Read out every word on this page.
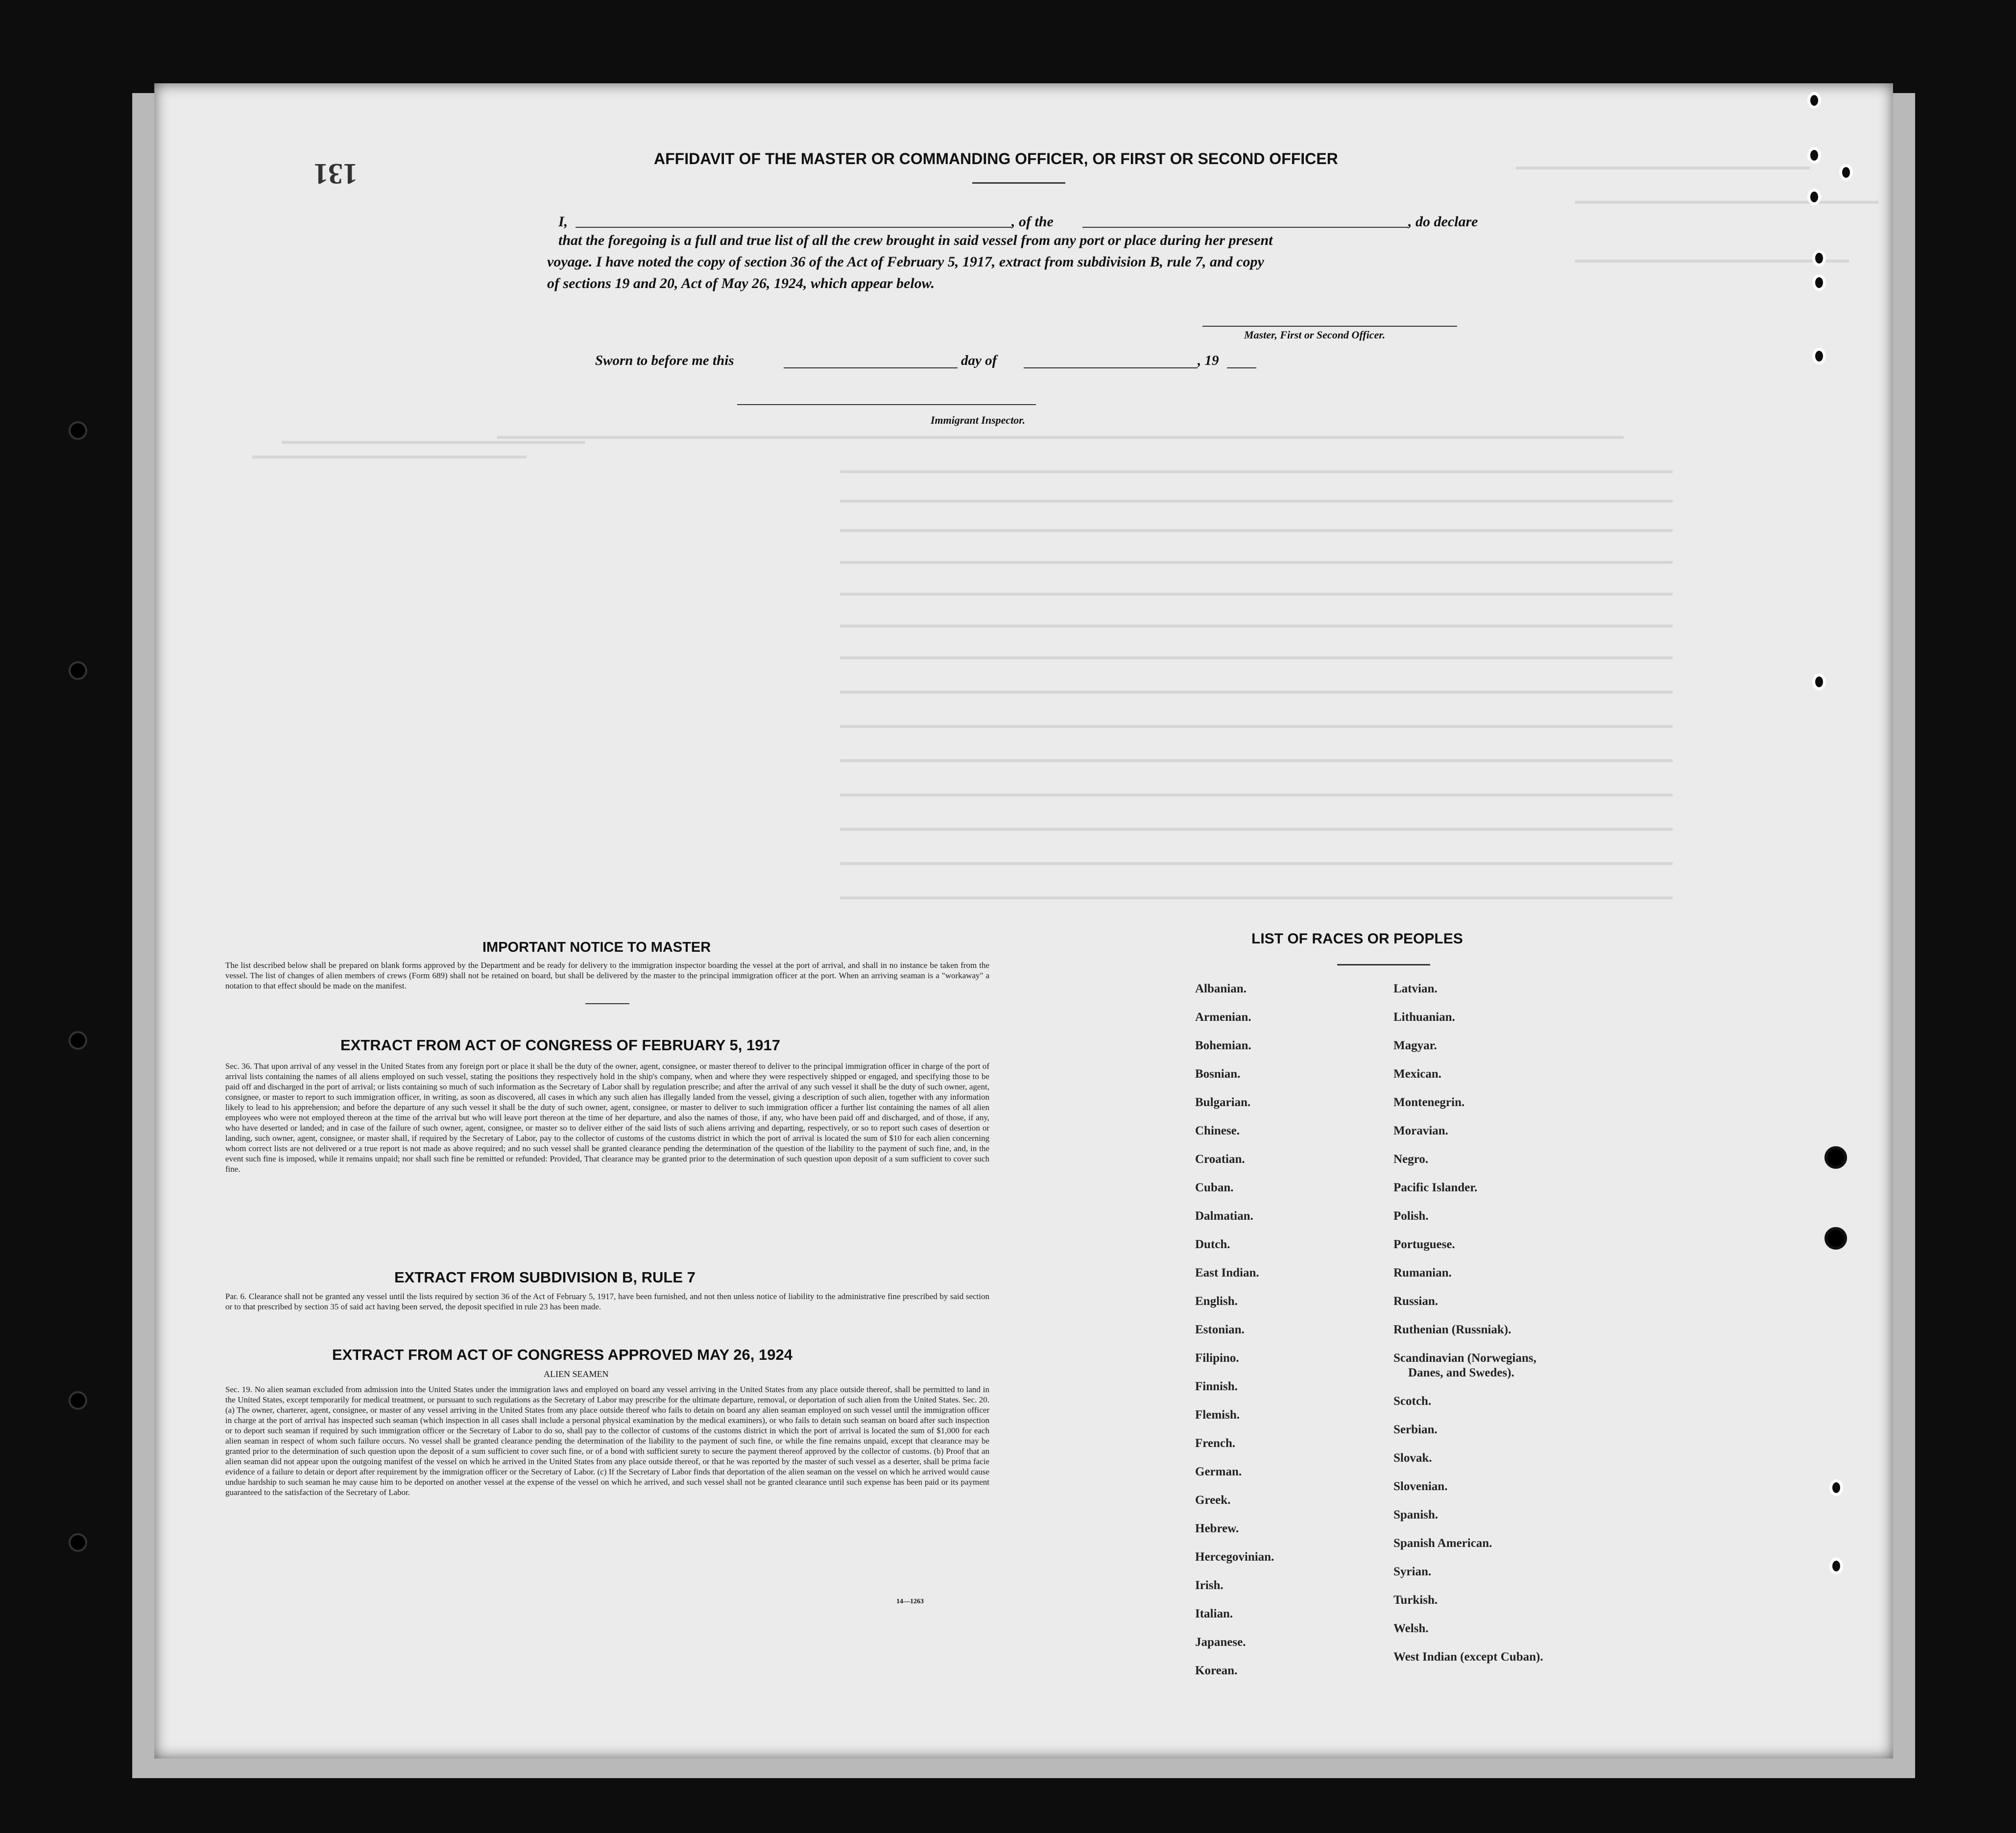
131	AFFIDAVIT OF THE MASTER OR COMMANDING OFFICER, OR FIRST OR SECOND OFFICER
I,	, of the	, do declare
that the foregoing is a full and true list of all the crew brought in said vessel from any port or place during her present
voyage. I have noted the copy of section 36 of the Act of February 5, 1917, extract from subdivision B, rule 7, and copy
of sections 19 and 20, Act of May 26, 1924, which appear below.
Master, First or Second Officer.
Sworn to before me this	day of	, 19
Immigrant Inspector.
IMPORTANT NOTICE TO MASTER
The list described below shall be prepared on blank forms approved by the Department and be ready for delivery to the immigration inspector boarding the vessel at the port of arrival, and shall in no instance be taken from the vessel. The list of changes of alien members of crews (Form 689) shall not be retained on board, but shall be delivered by the master to the principal immigration officer at the port. When an arriving seaman is a "workaway" a notation to that effect should be made on the manifest.
EXTRACT FROM ACT OF CONGRESS OF FEBRUARY 5, 1917
Sec. 36. That upon arrival of any vessel in the United States from any foreign port or place it shall be the duty of the owner, agent, consignee, or master thereof to deliver to the principal immigration officer in charge of the port of arrival lists containing the names of all aliens employed on such vessel, stating the positions they respectively hold in the ship's company, when and where they were respectively shipped or engaged, and specifying those to be paid off and discharged in the port of arrival; or lists containing so much of such information as the Secretary of Labor shall by regulation prescribe; and after the arrival of any such vessel it shall be the duty of such owner, agent, consignee, or master to report to such immigration officer, in writing, as soon as discovered, all cases in which any such alien has illegally landed from the vessel, giving a description of such alien, together with any information likely to lead to his apprehension; and before the departure of any such vessel it shall be the duty of such owner, agent, consignee, or master to deliver to such immigration officer a further list containing the names of all alien employees who were not employed thereon at the time of the arrival but who will leave port thereon at the time of her departure, and also the names of those, if any, who have been paid off and discharged, and of those, if any, who have deserted or landed; and in case of the failure of such owner, agent, consignee, or master so to deliver either of the said lists of such aliens arriving and departing, respectively, or so to report such cases of desertion or landing, such owner, agent, consignee, or master shall, if required by the Secretary of Labor, pay to the collector of customs of the customs district in which the port of arrival is located the sum of $10 for each alien concerning whom correct lists are not delivered or a true report is not made as above required; and no such vessel shall be granted clearance pending the determination of the question of the liability to the payment of such fine, and, in the event such fine is imposed, while it remains unpaid; nor shall such fine be remitted or refunded: Provided, That clearance may be granted prior to the determination of such question upon deposit of a sum sufficient to cover such fine.
EXTRACT FROM SUBDIVISION B, RULE 7
Par. 6. Clearance shall not be granted any vessel until the lists required by section 36 of the Act of February 5, 1917, have been furnished, and not then unless notice of liability to the administrative fine prescribed by said section or to that prescribed by section 35 of said act having been served, the deposit specified in rule 23 has been made.
EXTRACT FROM ACT OF CONGRESS APPROVED MAY 26, 1924
ALIEN SEAMEN
Sec. 19. No alien seaman excluded from admission into the United States under the immigration laws and employed on board any vessel arriving in the United States from any place outside thereof, shall be permitted to land in the United States, except temporarily for medical treatment, or pursuant to such regulations as the Secretary of Labor may prescribe for the ultimate departure, removal, or deportation of such alien from the United States. Sec. 20. (a) The owner, charterer, agent, consignee, or master of any vessel arriving in the United States from any place outside thereof who fails to detain on board any alien seaman employed on such vessel until the immigration officer in charge at the port of arrival has inspected such seaman (which inspection in all cases shall include a personal physical examination by the medical examiners), or who fails to detain such seaman on board after such inspection or to deport such seaman if required by such immigration officer or the Secretary of Labor to do so, shall pay to the collector of customs of the customs district in which the port of arrival is located the sum of $1,000 for each alien seaman in respect of whom such failure occurs. No vessel shall be granted clearance pending the determination of the liability to the payment of such fine, or while the fine remains unpaid, except that clearance may be granted prior to the determination of such question upon the deposit of a sum sufficient to cover such fine, or of a bond with sufficient surety to secure the payment thereof approved by the collector of customs. (b) Proof that an alien seaman did not appear upon the outgoing manifest of the vessel on which he arrived in the United States from any place outside thereof, or that he was reported by the master of such vessel as a deserter, shall be prima facie evidence of a failure to detain or deport after requirement by the immigration officer or the Secretary of Labor. (c) If the Secretary of Labor finds that deportation of the alien seaman on the vessel on which he arrived would cause undue hardship to such seaman he may cause him to be deported on another vessel at the expense of the vessel on which he arrived, and such vessel shall not be granted clearance until such expense has been paid or its payment guaranteed to the satisfaction of the Secretary of Labor.
14—1263
LIST OF RACES OR PEOPLES
Albanian.
Armenian.
Bohemian.
Bosnian.
Bulgarian.
Chinese.
Croatian.
Cuban.
Dalmatian.
Dutch.
East Indian.
English.
Estonian.
Filipino.
Finnish.
Flemish.
French.
German.
Greek.
Hebrew.
Hercegovinian.
Irish.
Italian.
Japanese.
Korean.
Latvian.
Lithuanian.
Magyar.
Mexican.
Montenegrin.
Moravian.
Negro.
Pacific Islander.
Polish.
Portuguese.
Rumanian.
Russian.
Ruthenian (Russniak).
Scandinavian (Norwegians,
Danes, and Swedes).
Scotch.
Serbian.
Slovak.
Slovenian.
Spanish.
Spanish American.
Syrian.
Turkish.
Welsh.
West Indian (except Cuban).
